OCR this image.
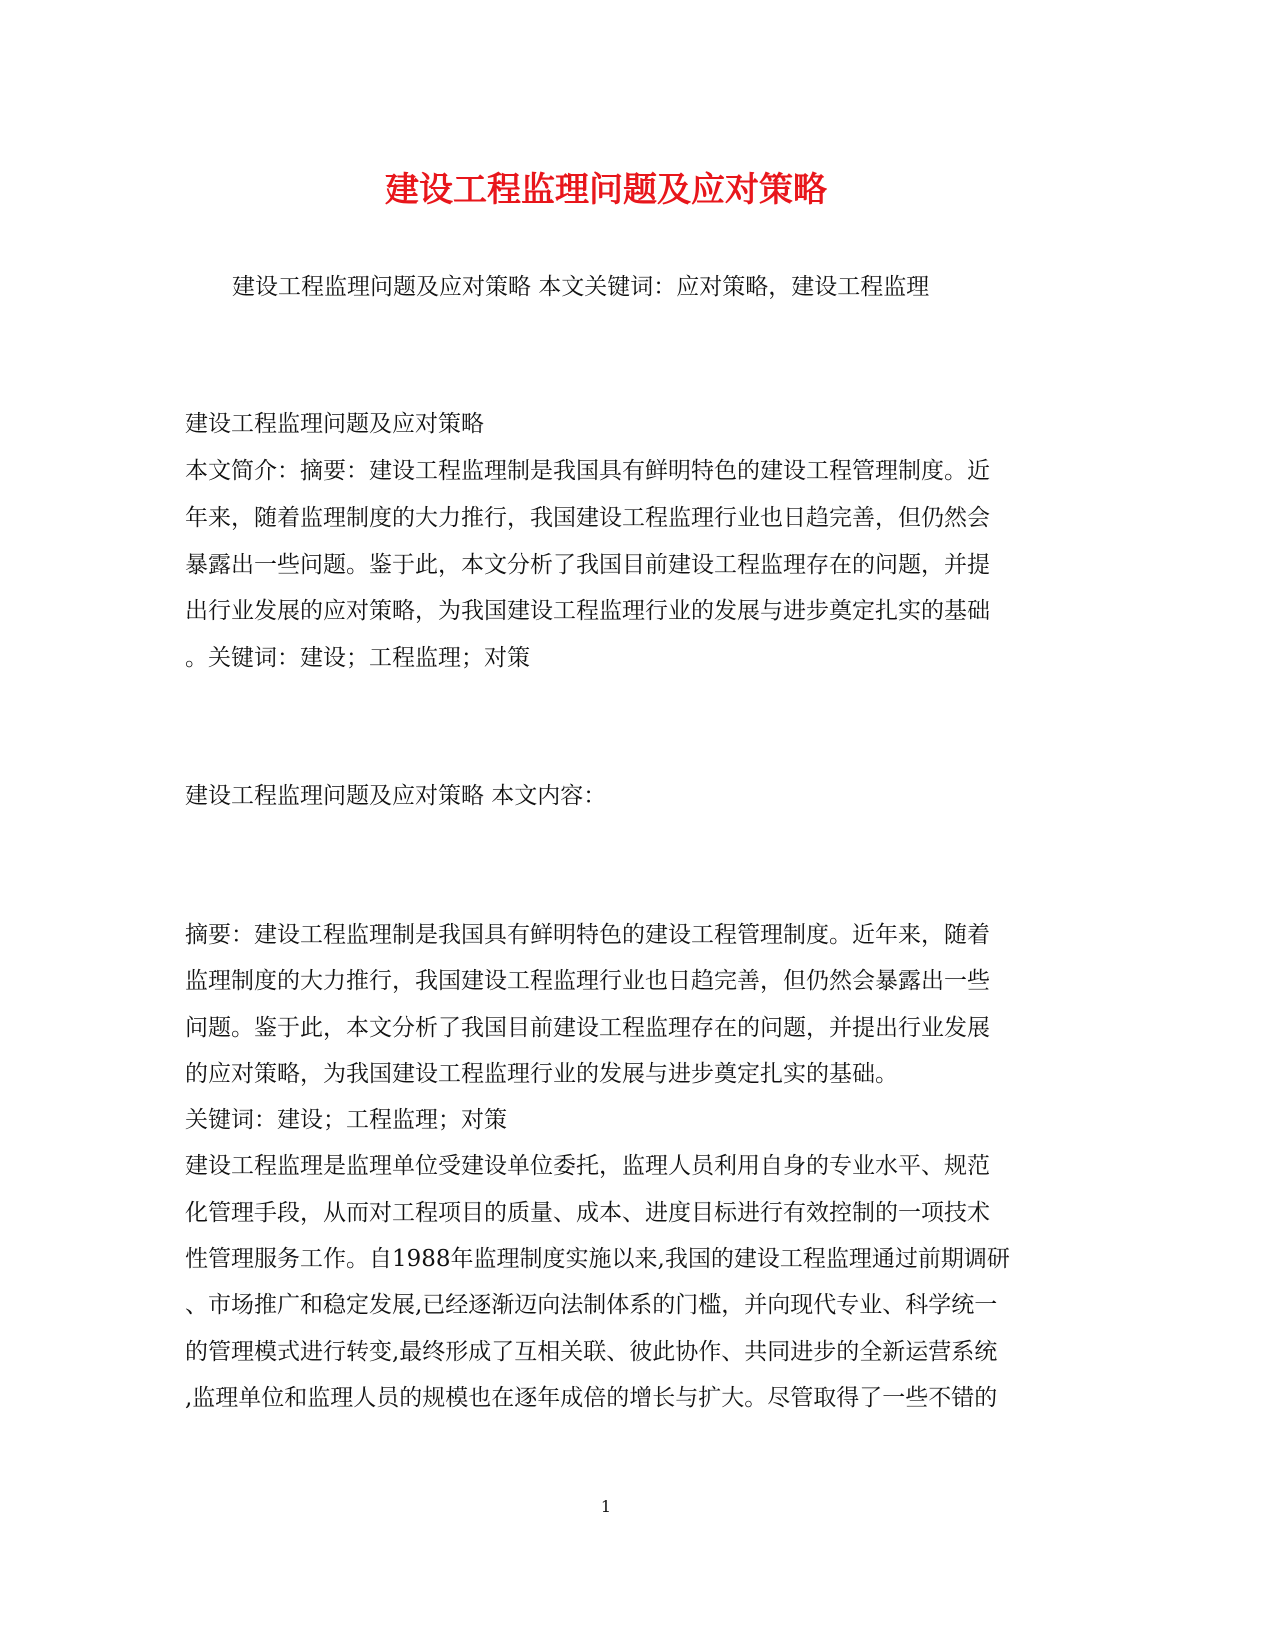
建设工程监理问题及应对策略
建设工程监理问题及应对策略 本文关键词：应对策略，建设工程监理
建设工程监理问题及应对策略
本文简介：摘要：建设工程监理制是我国具有鲜明特色的建设工程管理制度。近
年来，随着监理制度的大力推行，我国建设工程监理行业也日趋完善，但仍然会
暴露出一些问题。鉴于此，本文分析了我国目前建设工程监理存在的问题，并提
出行业发展的应对策略，为我国建设工程监理行业的发展与进步奠定扎实的基础
。关键词：建设；工程监理；对策
建设工程监理问题及应对策略 本文内容：
摘要：建设工程监理制是我国具有鲜明特色的建设工程管理制度。近年来，随着
监理制度的大力推行，我国建设工程监理行业也日趋完善，但仍然会暴露出一些
问题。鉴于此，本文分析了我国目前建设工程监理存在的问题，并提出行业发展
的应对策略，为我国建设工程监理行业的发展与进步奠定扎实的基础。
关键词：建设；工程监理；对策
建设工程监理是监理单位受建设单位委托，监理人员利用自身的专业水平、规范
化管理手段，从而对工程项目的质量、成本、进度目标进行有效控制的一项技术
性管理服务工作。自1988年监理制度实施以来,我国的建设工程监理通过前期调研
、市场推广和稳定发展,已经逐渐迈向法制体系的门槛，并向现代专业、科学统一
的管理模式进行转变,最终形成了互相关联、彼此协作、共同进步的全新运营系统
,监理单位和监理人员的规模也在逐年成倍的增长与扩大。尽管取得了一些不错的
1
